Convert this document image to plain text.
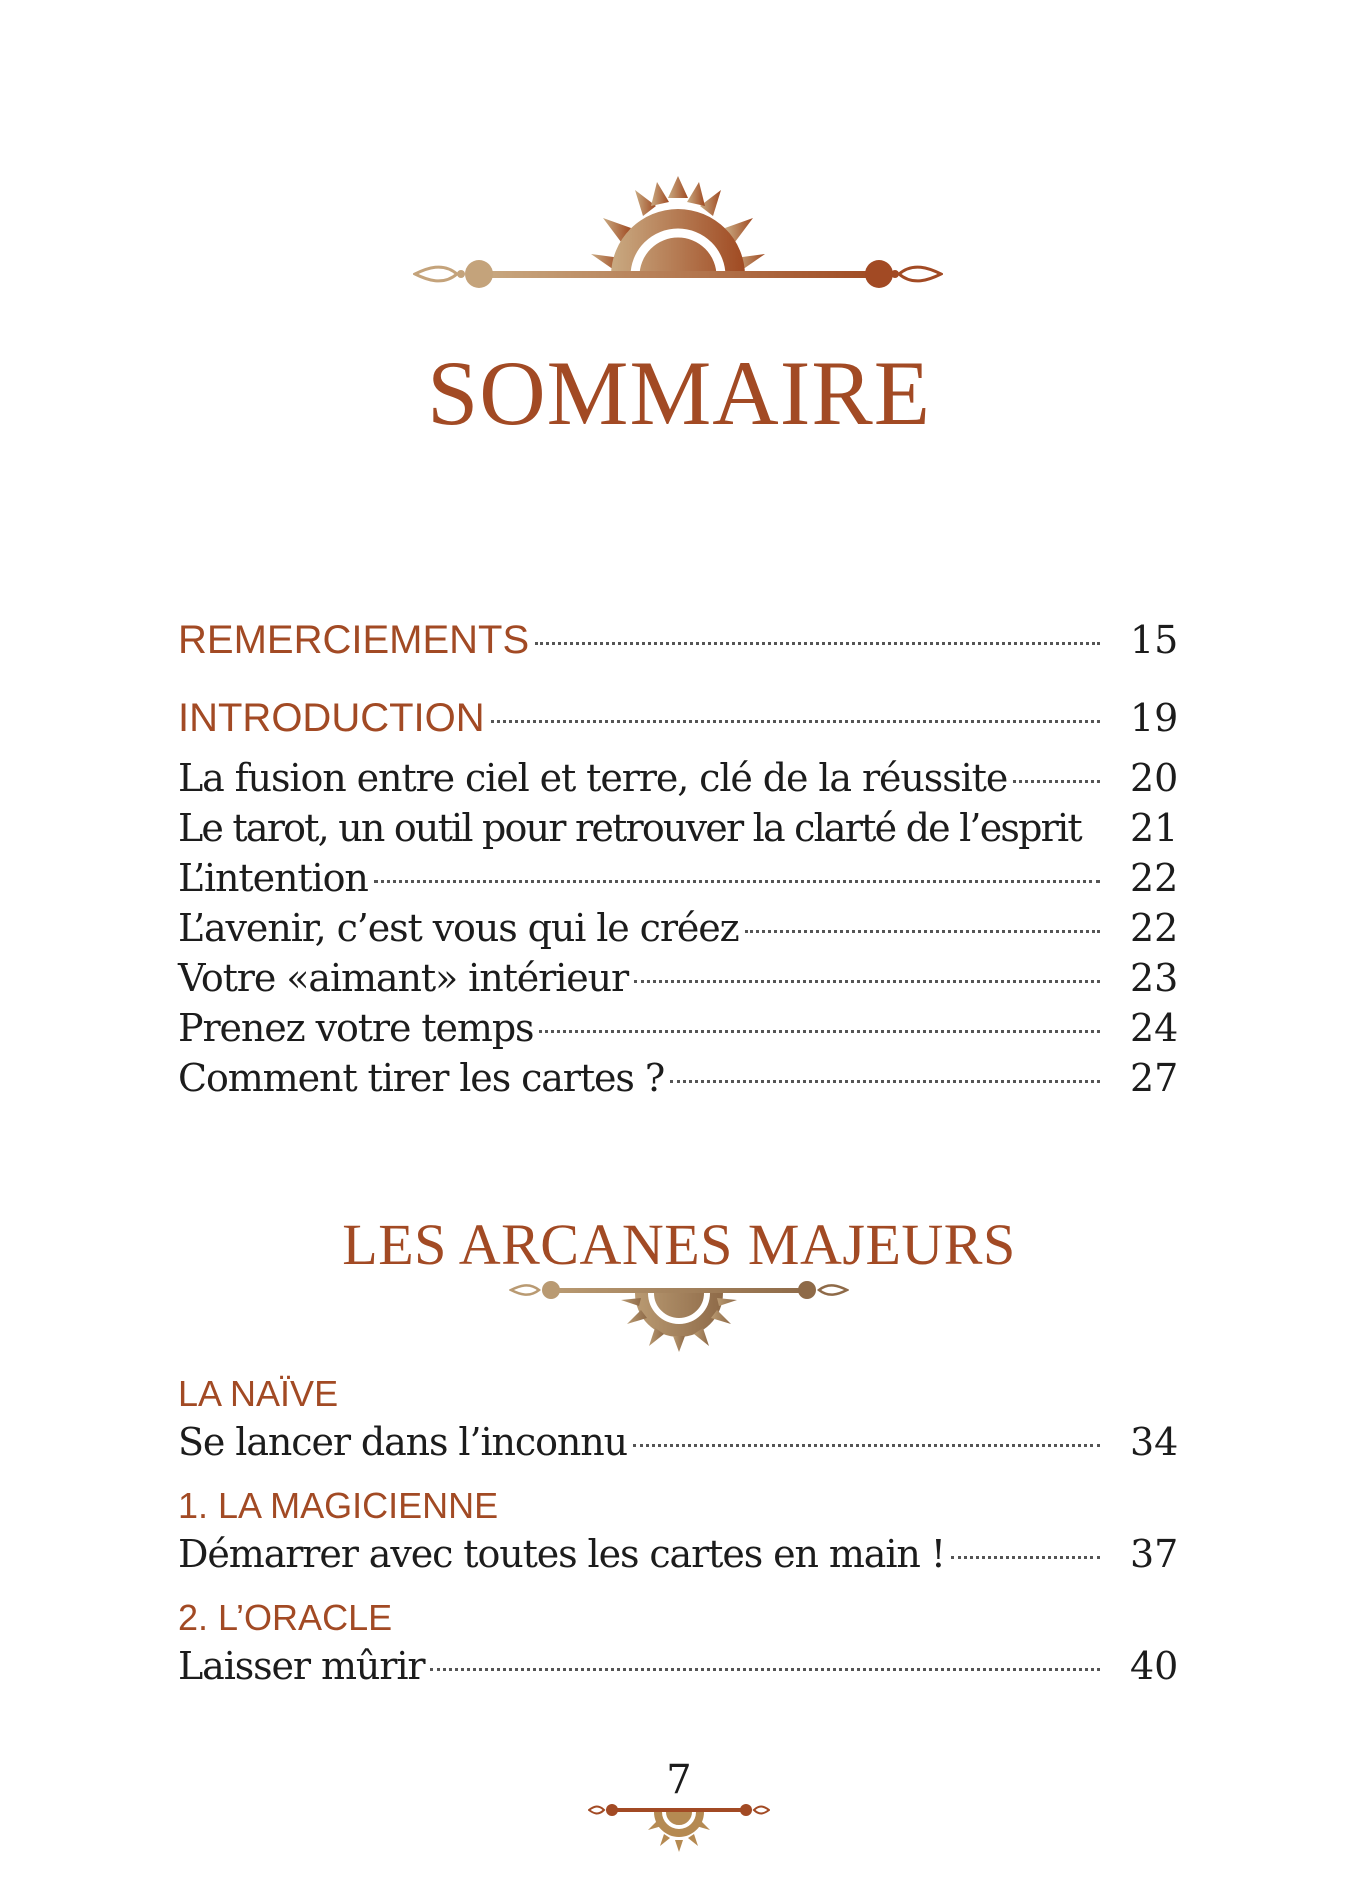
SOMMAIRE
REMERCIEMENTS	15
INTRODUCTION	19
La fusion entre ciel et terre, clé de la réussite	20
Le tarot, un outil pour retrouver la clarté de l’esprit 21
L’intention	22
L’avenir, c’est vous qui le créez	22
Votre «aimant» intérieur	23
Prenez votre temps	24
Comment tirer les cartes ?	27
LES ARCANES MAJEURS
LA NAÏVE
Se lancer dans l’inconnu	34
1. LA MAGICIENNE
Démarrer avec toutes les cartes en main !	37
2. L’ORACLE
Laisser mûrir	40
7
